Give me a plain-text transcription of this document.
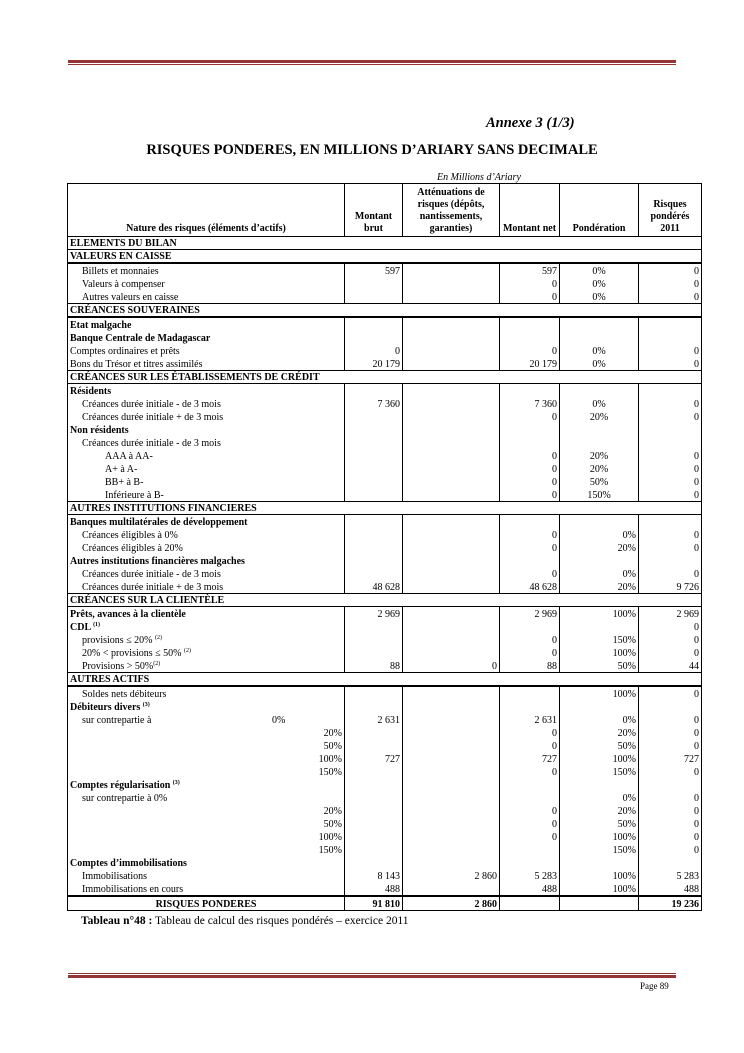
Annexe 3 (1/3)
RISQUES PONDERES, EN MILLIONS D’ARIARY SANS DECIMALE
En Millions d’Ariary
Nature des risques (éléments d’actifs)	Montant brut	Atténuations de risques (dépôts, nantissements, garanties)	Montant net	Pondération	Risques pondérés 2011
ELEMENTS DU BILAN					
VALEURS EN CAISSE					
Billets et monnaies	597		597	0%	0
Valeurs à compenser			0	0%	0
Autres valeurs en caisse			0	0%	0
CRÉANCES SOUVERAINES					
Etat malgache					
Banque Centrale de Madagascar					
Comptes ordinaires et prêts	0		0	0%	0
Bons du Trésor et titres assimilés	20 179		20 179	0%	0
CRÉANCES SUR LES ÉTABLISSEMENTS DE CRÉDIT					
Résidents					
Créances durée initiale - de 3 mois	7 360		7 360	0%	0
Créances durée initiale + de 3 mois			0	20%	0
Non résidents					
Créances durée initiale - de 3 mois					
AAA à AA-			0	20%	0
A+ à A-			0	20%	0
BB+ à B-			0	50%	0
Inférieure à B-			0	150%	0
AUTRES INSTITUTIONS FINANCIERES					
Banques multilatérales de développement					
Créances éligibles à 0%			0	0%	0
Créances éligibles à 20%			0	20%	0
Autres institutions financières malgaches					
Créances durée initiale - de 3 mois			0	0%	0
Créances durée initiale + de 3 mois	48 628		48 628	20%	9 726
CRÉANCES SUR LA CLIENTÈLE					
Prêts, avances à la clientèle	2 969		2 969	100%	2 969
CDL $^{(1)}$					0
provisions ≤ 20% $^{(2)}$			0	150%	0
20% < provisions ≤ 50% $^{(2)}$			0	100%	0
Provisions > 50%$^{(2)}$	88	0	88	50%	44
AUTRES ACTIFS					
Soldes nets débiteurs				100%	0
Débiteurs divers $^{(3)}$					

sur contrepartie à 0%	2 631		2 631	0%	0
20%			0	20%	0
50%			0	50%	0
100%	727		727	100%	727
150%			0	150%	0
Comptes régularisation $^{(3)}$					
sur contrepartie à 0%				0%	0
20%			0	20%	0
50%			0	50%	0
100%			0	100%	0
150%				150%	0
Comptes d’immobilisations					
Immobilisations	8 143	2 860	5 283	100%	5 283
Immobilisations en cours	488		488	100%	488
RISQUES PONDERES	91 810	2 860			19 236
Tableau n°48 : Tableau de calcul des risques pondérés – exercice 2011
Page 89
